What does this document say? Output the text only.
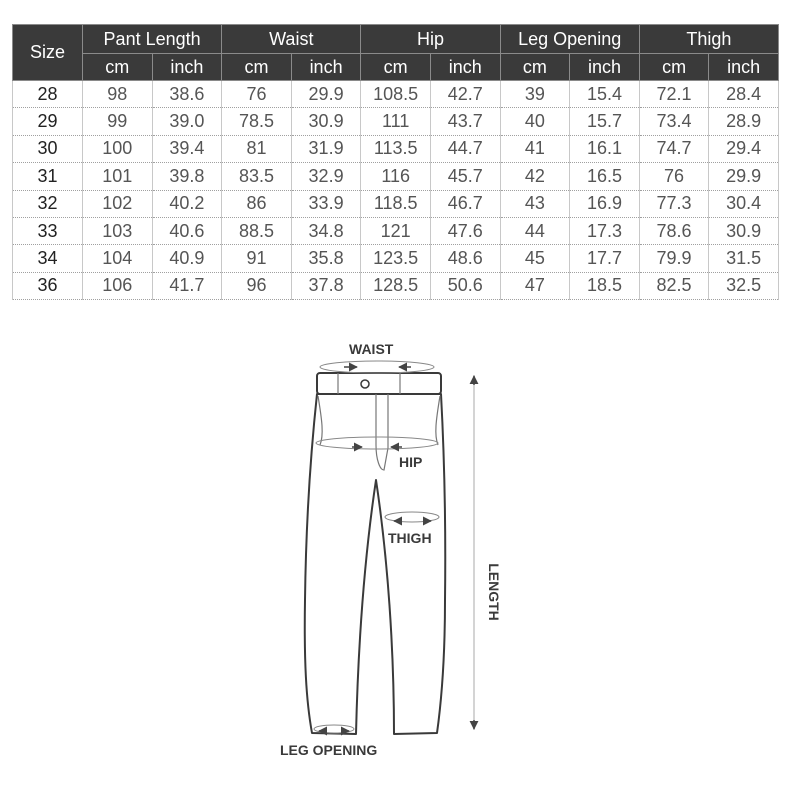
Size	Pant Length		Waist		Hip		Leg Opening		Thigh	
	cm	inch	cm	inch	cm	inch	cm	inch	cm	inch
28	98	38.6	76	29.9	108.5	42.7	39	15.4	72.1	28.4
29	99	39.0	78.5	30.9	111	43.7	40	15.7	73.4	28.9
30	100	39.4	81	31.9	113.5	44.7	41	16.1	74.7	29.4
31	101	39.8	83.5	32.9	116	45.7	42	16.5	76	29.9
32	102	40.2	86	33.9	118.5	46.7	43	16.9	77.3	30.4
33	103	40.6	88.5	34.8	121	47.6	44	17.3	78.6	30.9
34	104	40.9	91	35.8	123.5	48.6	45	17.7	79.9	31.5
36	106	41.7	96	37.8	128.5	50.6	47	18.5	82.5	32.5
WAIST
HIP
THIGH
LENGTH
LEG OPENING
